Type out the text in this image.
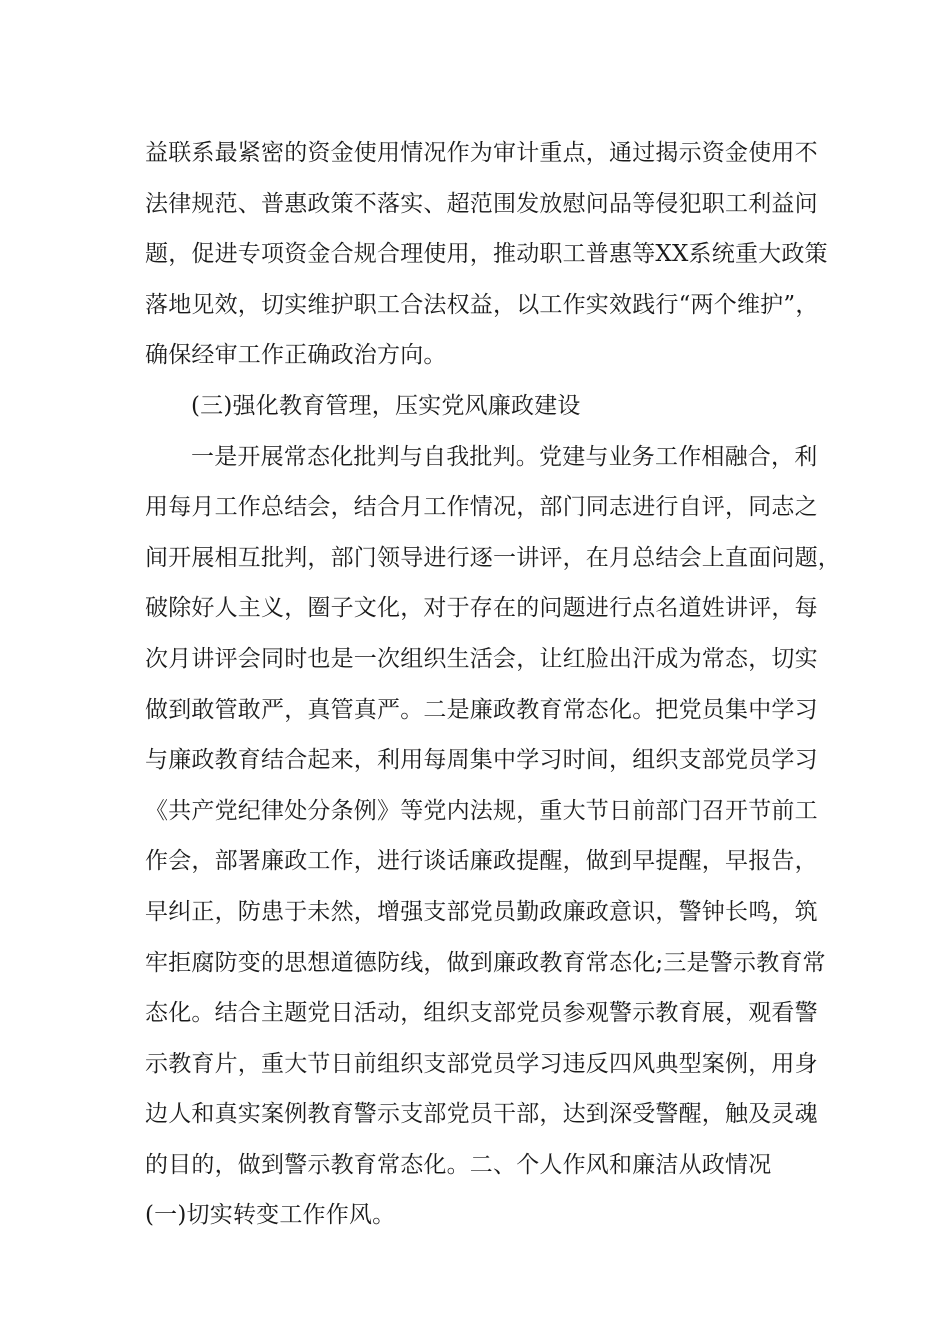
益联系最紧密的资金使用情况作为审计重点，通过揭示资金使用不
法律规范、普惠政策不落实、超范围发放慰问品等侵犯职工利益问
题，促进专项资金合规合理使用，推动职工普惠等XX系统重大政策
落地见效，切实维护职工合法权益，以工作实效践行“两个维护”，
确保经审工作正确政治方向。
(三)强化教育管理，压实党风廉政建设
一是开展常态化批判与自我批判。党建与业务工作相融合，利
用每月工作总结会，结合月工作情况，部门同志进行自评，同志之
间开展相互批判，部门领导进行逐一讲评，在月总结会上直面问题，
破除好人主义，圈子文化，对于存在的问题进行点名道姓讲评，每
次月讲评会同时也是一次组织生活会，让红脸出汗成为常态，切实
做到敢管敢严，真管真严。二是廉政教育常态化。把党员集中学习
与廉政教育结合起来，利用每周集中学习时间，组织支部党员学习
《共产党纪律处分条例》等党内法规，重大节日前部门召开节前工
作会，部署廉政工作，进行谈话廉政提醒，做到早提醒，早报告，
早纠正，防患于未然，增强支部党员勤政廉政意识，警钟长鸣，筑
牢拒腐防变的思想道德防线，做到廉政教育常态化;三是警示教育常
态化。结合主题党日活动，组织支部党员参观警示教育展，观看警
示教育片，重大节日前组织支部党员学习违反四风典型案例，用身
边人和真实案例教育警示支部党员干部，达到深受警醒，触及灵魂
的目的，做到警示教育常态化。二、个人作风和廉洁从政情况
(一)切实转变工作作风。
